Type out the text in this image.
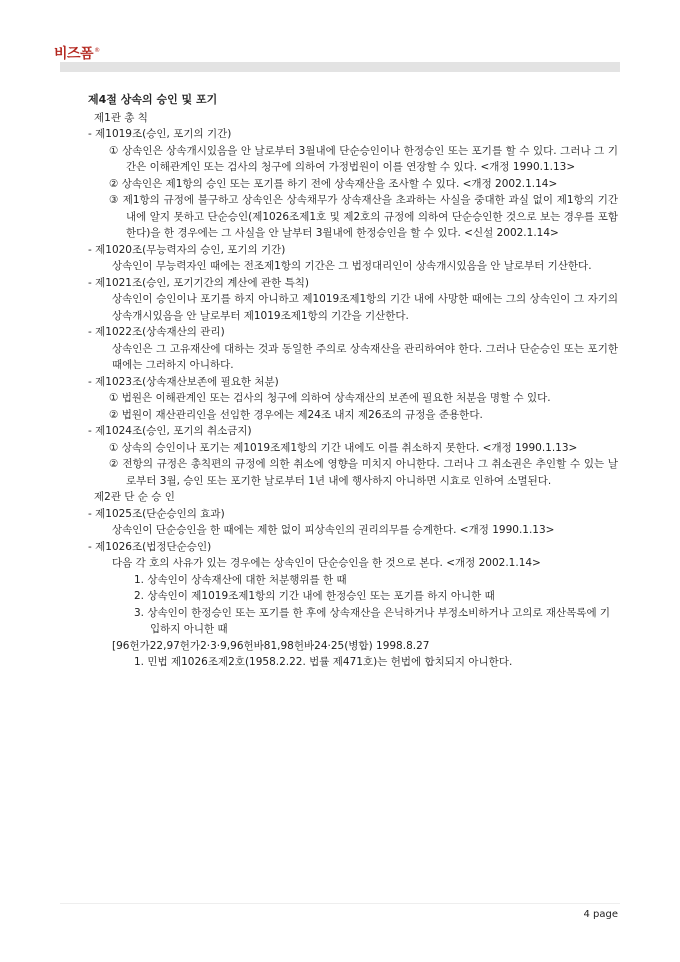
비즈폼®
제4절 상속의 승인 및 포기
제1관 총 칙
- 제1019조(승인, 포기의 기간)
① 상속인은 상속개시있음을 안 날로부터 3월내에 단순승인이나 한정승인 또는 포기를 할 수 있다. 그러나 그 기간은 이해관계인 또는 검사의 청구에 의하여 가정법원이 이를 연장할 수 있다. <개정 1990.1.13>
② 상속인은 제1항의 승인 또는 포기를 하기 전에 상속재산을 조사할 수 있다. <개정 2002.1.14>
③ 제1항의 규정에 불구하고 상속인은 상속채무가 상속재산을 초과하는 사실을 중대한 과실 없이 제1항의 기간 내에 알지 못하고 단순승인(제1026조제1호 및 제2호의 규정에 의하여 단순승인한 것으로 보는 경우를 포함한다)을 한 경우에는 그 사실을 안 날부터 3월내에 한정승인을 할 수 있다. <신설 2002.1.14>
- 제1020조(무능력자의 승인, 포기의 기간)
상속인이 무능력자인 때에는 전조제1항의 기간은 그 법정대리인이 상속개시있음을 안 날로부터 기산한다.
- 제1021조(승인, 포기기간의 계산에 관한 특칙)
상속인이 승인이나 포기를 하지 아니하고 제1019조제1항의 기간 내에 사망한 때에는 그의 상속인이 그 자기의 상속개시있음을 안 날로부터 제1019조제1항의 기간을 기산한다.
- 제1022조(상속재산의 관리)
상속인은 그 고유재산에 대하는 것과 동일한 주의로 상속재산을 관리하여야 한다. 그러나 단순승인 또는 포기한 때에는 그러하지 아니하다.
- 제1023조(상속재산보존에 필요한 처분)
① 법원은 이해관계인 또는 검사의 청구에 의하여 상속재산의 보존에 필요한 처분을 명할 수 있다.
② 법원이 재산관리인을 선임한 경우에는 제24조 내지 제26조의 규정을 준용한다.
- 제1024조(승인, 포기의 취소금지)
① 상속의 승인이나 포기는 제1019조제1항의 기간 내에도 이를 취소하지 못한다. <개정 1990.1.13>
② 전항의 규정은 총칙편의 규정에 의한 취소에 영향을 미치지 아니한다. 그러나 그 취소권은 추인할 수 있는 날로부터 3월, 승인 또는 포기한 날로부터 1년 내에 행사하지 아니하면 시효로 인하여 소멸된다.
제2관 단 순 승 인
- 제1025조(단순승인의 효과)
상속인이 단순승인을 한 때에는 제한 없이 피상속인의 권리의무를 승계한다. <개정 1990.1.13>
- 제1026조(법정단순승인)
다음 각 호의 사유가 있는 경우에는 상속인이 단순승인을 한 것으로 본다. <개정 2002.1.14>
1. 상속인이 상속재산에 대한 처분행위를 한 때
2. 상속인이 제1019조제1항의 기간 내에 한정승인 또는 포기를 하지 아니한 때
3. 상속인이 한정승인 또는 포기를 한 후에 상속재산을 은닉하거나 부정소비하거나 고의로 재산목록에 기입하지 아니한 때
[96헌가22,97헌가2·3·9,96헌바81,98헌바24·25(병합) 1998.8.27
1. 민법 제1026조제2호(1958.2.22. 법률 제471호)는 헌법에 합치되지 아니한다.
4 page
